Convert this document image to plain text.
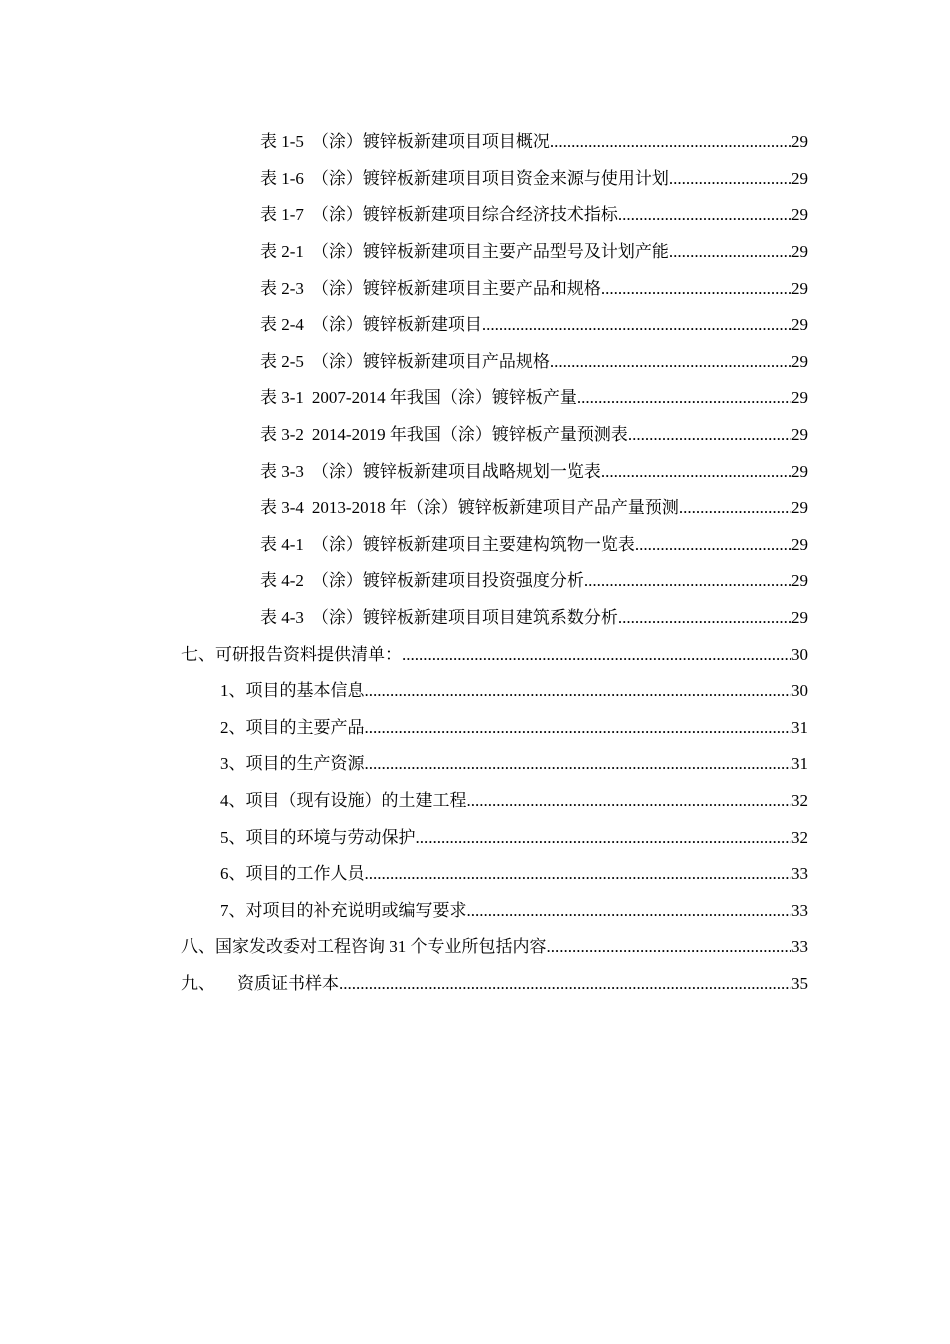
表 1-5 （涂）镀锌板新建项目项目概况 .....	29
表 1-6 （涂）镀锌板新建项目项目资金来源与使用计划 .....	29
表 1-7 （涂）镀锌板新建项目综合经济技术指标 .....	29
表 2-1 （涂）镀锌板新建项目主要产品型号及计划产能 .....	29
表 2-3 （涂）镀锌板新建项目主要产品和规格 .....	29
表 2-4 （涂）镀锌板新建项目 .....	29
表 2-5 （涂）镀锌板新建项目产品规格 .....	29
表 3-1 2007-2014 年我国（涂）镀锌板产量 .....	29
表 3-2 2014-2019 年我国（涂）镀锌板产量预测表 .....	29
表 3-3 （涂）镀锌板新建项目战略规划一览表 .....	29
表 3-4 2013-2018 年（涂）镀锌板新建项目产品产量预测 .....	29
表 4-1 （涂）镀锌板新建项目主要建构筑物一览表 .....	29
表 4-2 （涂）镀锌板新建项目投资强度分析 .....	29
表 4-3 （涂）镀锌板新建项目项目建筑系数分析 .....	29
七、可研报告资料提供清单： .....	30
1、项目的基本信息 .....	30
2、项目的主要产品 .....	31
3、项目的生产资源 .....	31
4、项目（现有设施）的土建工程 .....	32
5、项目的环境与劳动保护 .....	32
6、项目的工作人员 .....	33
7、对项目的补充说明或编写要求 .....	33
八、国家发改委对工程咨询 31 个专业所包括内容 .....	33
九、 资质证书样本 .....	35
